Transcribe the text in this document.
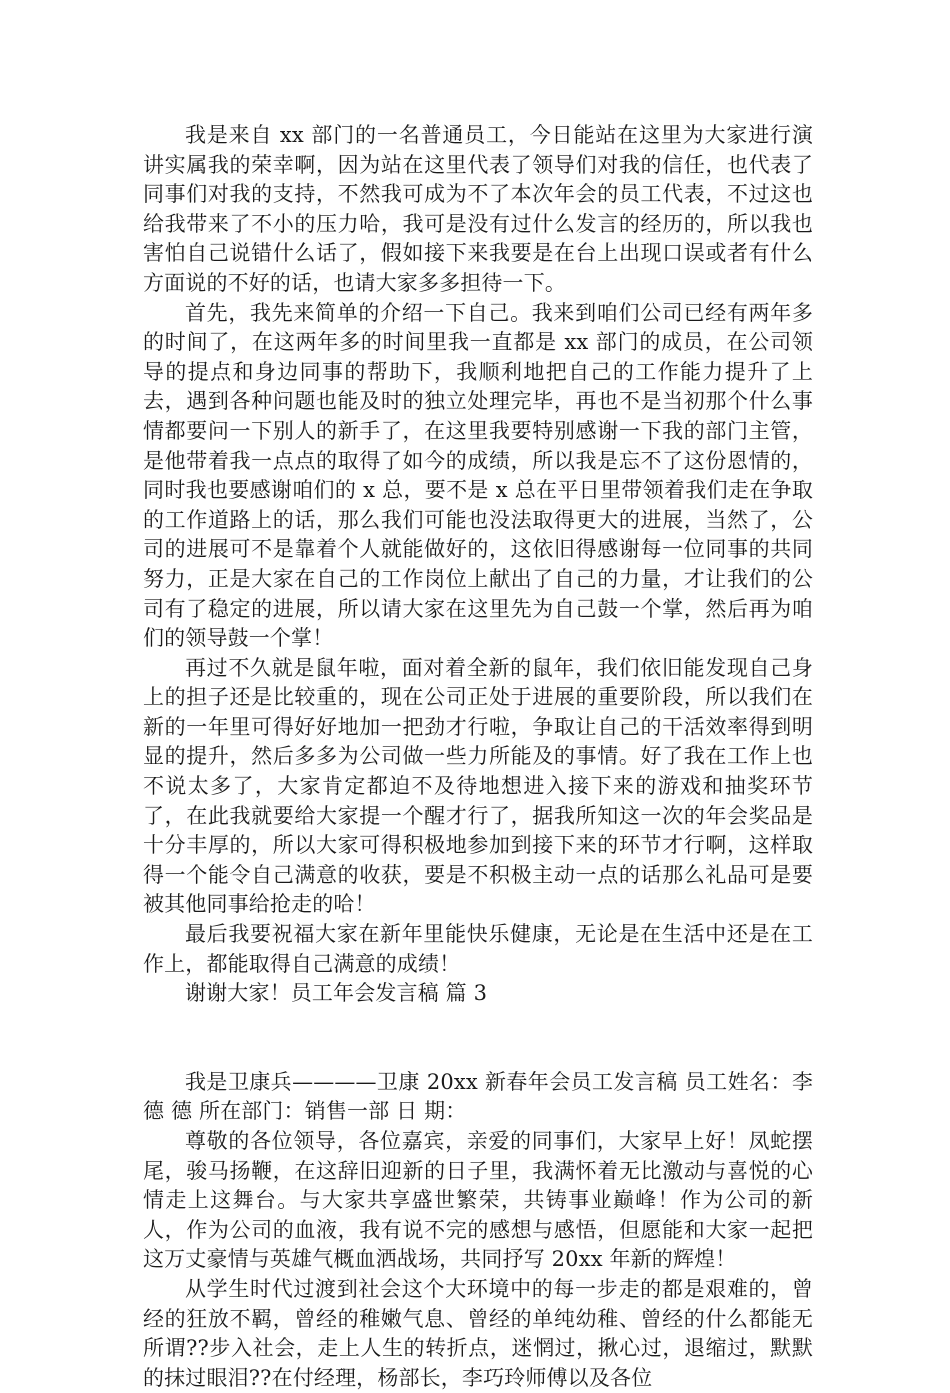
我是来自 xx 部门的一名普通员工，今日能站在这里为大家进行演讲实属我的荣幸啊，因为站在这里代表了领导们对我的信任，也代表了同事们对我的支持，不然我可成为不了本次年会的员工代表，不过这也给我带来了不小的压力哈，我可是没有过什么发言的经历的，所以我也害怕自己说错什么话了，假如接下来我要是在台上出现口误或者有什么方面说的不好的话，也请大家多多担待一下。

首先，我先来简单的介绍一下自己。我来到咱们公司已经有两年多的时间了，在这两年多的时间里我一直都是 xx 部门的成员，在公司领导的提点和身边同事的帮助下，我顺利地把自己的工作能力提升了上去，遇到各种问题也能及时的独立处理完毕，再也不是当初那个什么事情都要问一下别人的新手了，在这里我要特别感谢一下我的部门主管，是他带着我一点点的取得了如今的成绩，所以我是忘不了这份恩情的，同时我也要感谢咱们的 x 总，要不是 x 总在平日里带领着我们走在争取的工作道路上的话，那么我们可能也没法取得更大的进展，当然了，公司的进展可不是靠着个人就能做好的，这依旧得感谢每一位同事的共同努力，正是大家在自己的工作岗位上献出了自己的力量，才让我们的公司有了稳定的进展，所以请大家在这里先为自己鼓一个掌，然后再为咱们的领导鼓一个掌！

再过不久就是鼠年啦，面对着全新的鼠年，我们依旧能发现自己身上的担子还是比较重的，现在公司正处于进展的重要阶段，所以我们在新的一年里可得好好地加一把劲才行啦，争取让自己的干活效率得到明显的提升，然后多多为公司做一些力所能及的事情。好了我在工作上也不说太多了，大家肯定都迫不及待地想进入接下来的游戏和抽奖环节了，在此我就要给大家提一个醒才行了，据我所知这一次的年会奖品是十分丰厚的，所以大家可得积极地参加到接下来的环节才行啊，这样取得一个能令自己满意的收获，要是不积极主动一点的话那么礼品可是要被其他同事给抢走的哈！

最后我要祝福大家在新年里能快乐健康，无论是在生活中还是在工作上，都能取得自己满意的成绩！

谢谢大家！员工年会发言稿 篇 3

我是卫康兵————卫康 20xx 新春年会员工发言稿 员工姓名：李 德 德 所在部门：销售一部 日 期：

尊敬的各位领导，各位嘉宾，亲爱的同事们，大家早上好！凤蛇摆尾，骏马扬鞭，在这辞旧迎新的日子里，我满怀着无比激动与喜悦的心情走上这舞台。与大家共享盛世繁荣，共铸事业巅峰！作为公司的新人，作为公司的血液，我有说不完的感想与感悟，但愿能和大家一起把这万丈豪情与英雄气概血洒战场，共同抒写 20xx 年新的辉煌！

从学生时代过渡到社会这个大环境中的每一步走的都是艰难的，曾经的狂放不羁，曾经的稚嫩气息、曾经的单纯幼稚、曾经的什么都能无所谓??步入社会，走上人生的转折点，迷惘过，揪心过，退缩过，默默的抹过眼泪??在付经理，杨部长，李巧玲师傅以及各位
